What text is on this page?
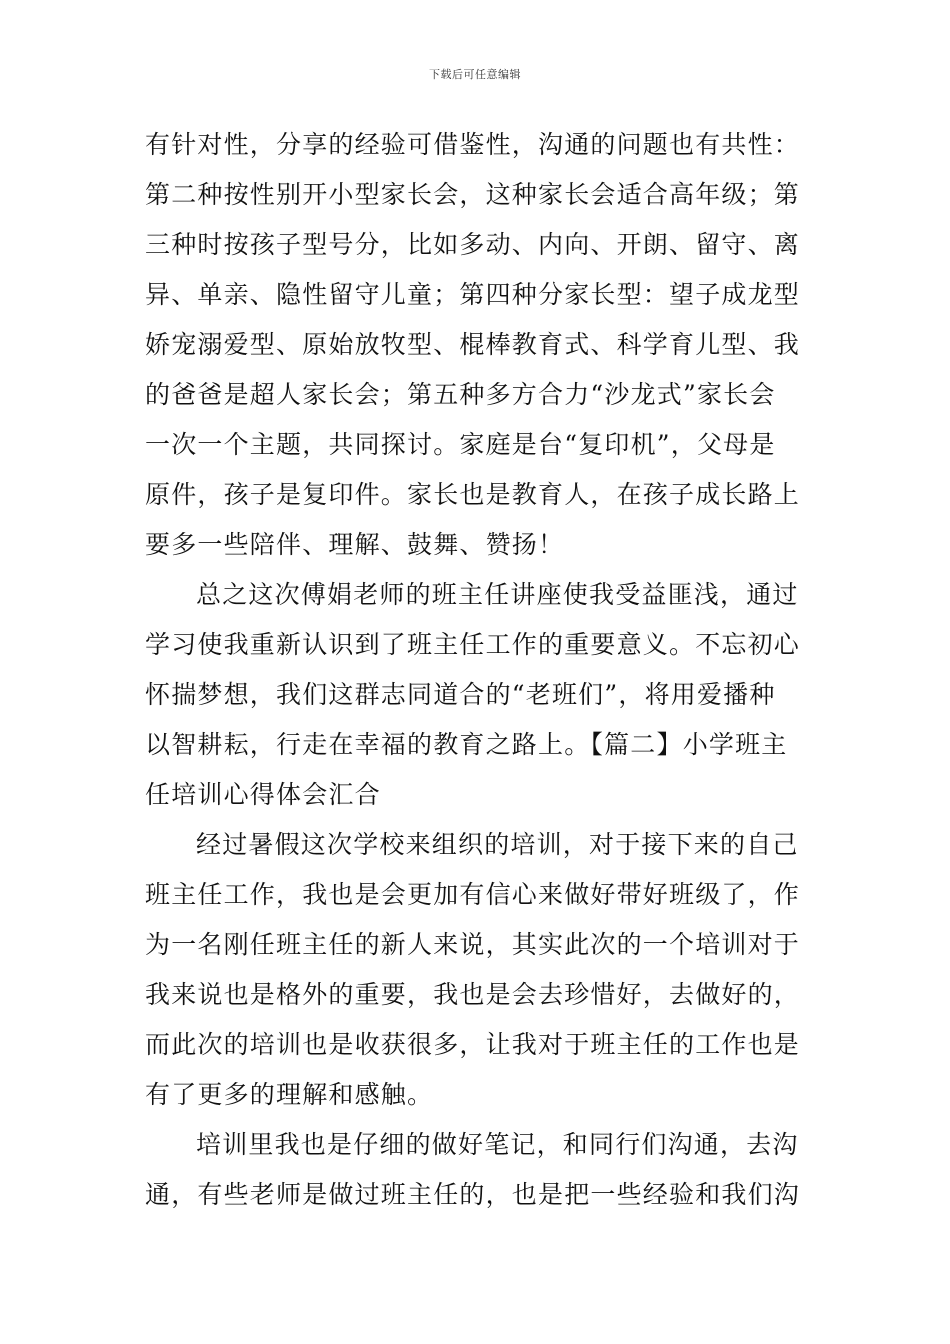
下载后可任意编辑
有针对性，分享的经验可借鉴性，沟通的问题也有共性：
第二种按性别开小型家长会，这种家长会适合高年级；第
三种时按孩子型号分，比如多动、内向、开朗、留守、离
异、单亲、隐性留守儿童；第四种分家长型：望子成龙型
娇宠溺爱型、原始放牧型、棍棒教育式、科学育儿型、我
的爸爸是超人家长会；第五种多方合力“沙龙式”家长会
一次一个主题，共同探讨。家庭是台“复印机”，父母是
原件，孩子是复印件。家长也是教育人，在孩子成长路上
要多一些陪伴、理解、鼓舞、赞扬！
总之这次傅娟老师的班主任讲座使我受益匪浅，通过
学习使我重新认识到了班主任工作的重要意义。不忘初心
怀揣梦想，我们这群志同道合的“老班们”，将用爱播种
以智耕耘，行走在幸福的教育之路上。【篇二】小学班主
任培训心得体会汇合
经过暑假这次学校来组织的培训，对于接下来的自己
班主任工作，我也是会更加有信心来做好带好班级了，作
为一名刚任班主任的新人来说，其实此次的一个培训对于
我来说也是格外的重要，我也是会去珍惜好，去做好的，
而此次的培训也是收获很多，让我对于班主任的工作也是
有了更多的理解和感触。
培训里我也是仔细的做好笔记，和同行们沟通，去沟
通，有些老师是做过班主任的，也是把一些经验和我们沟
